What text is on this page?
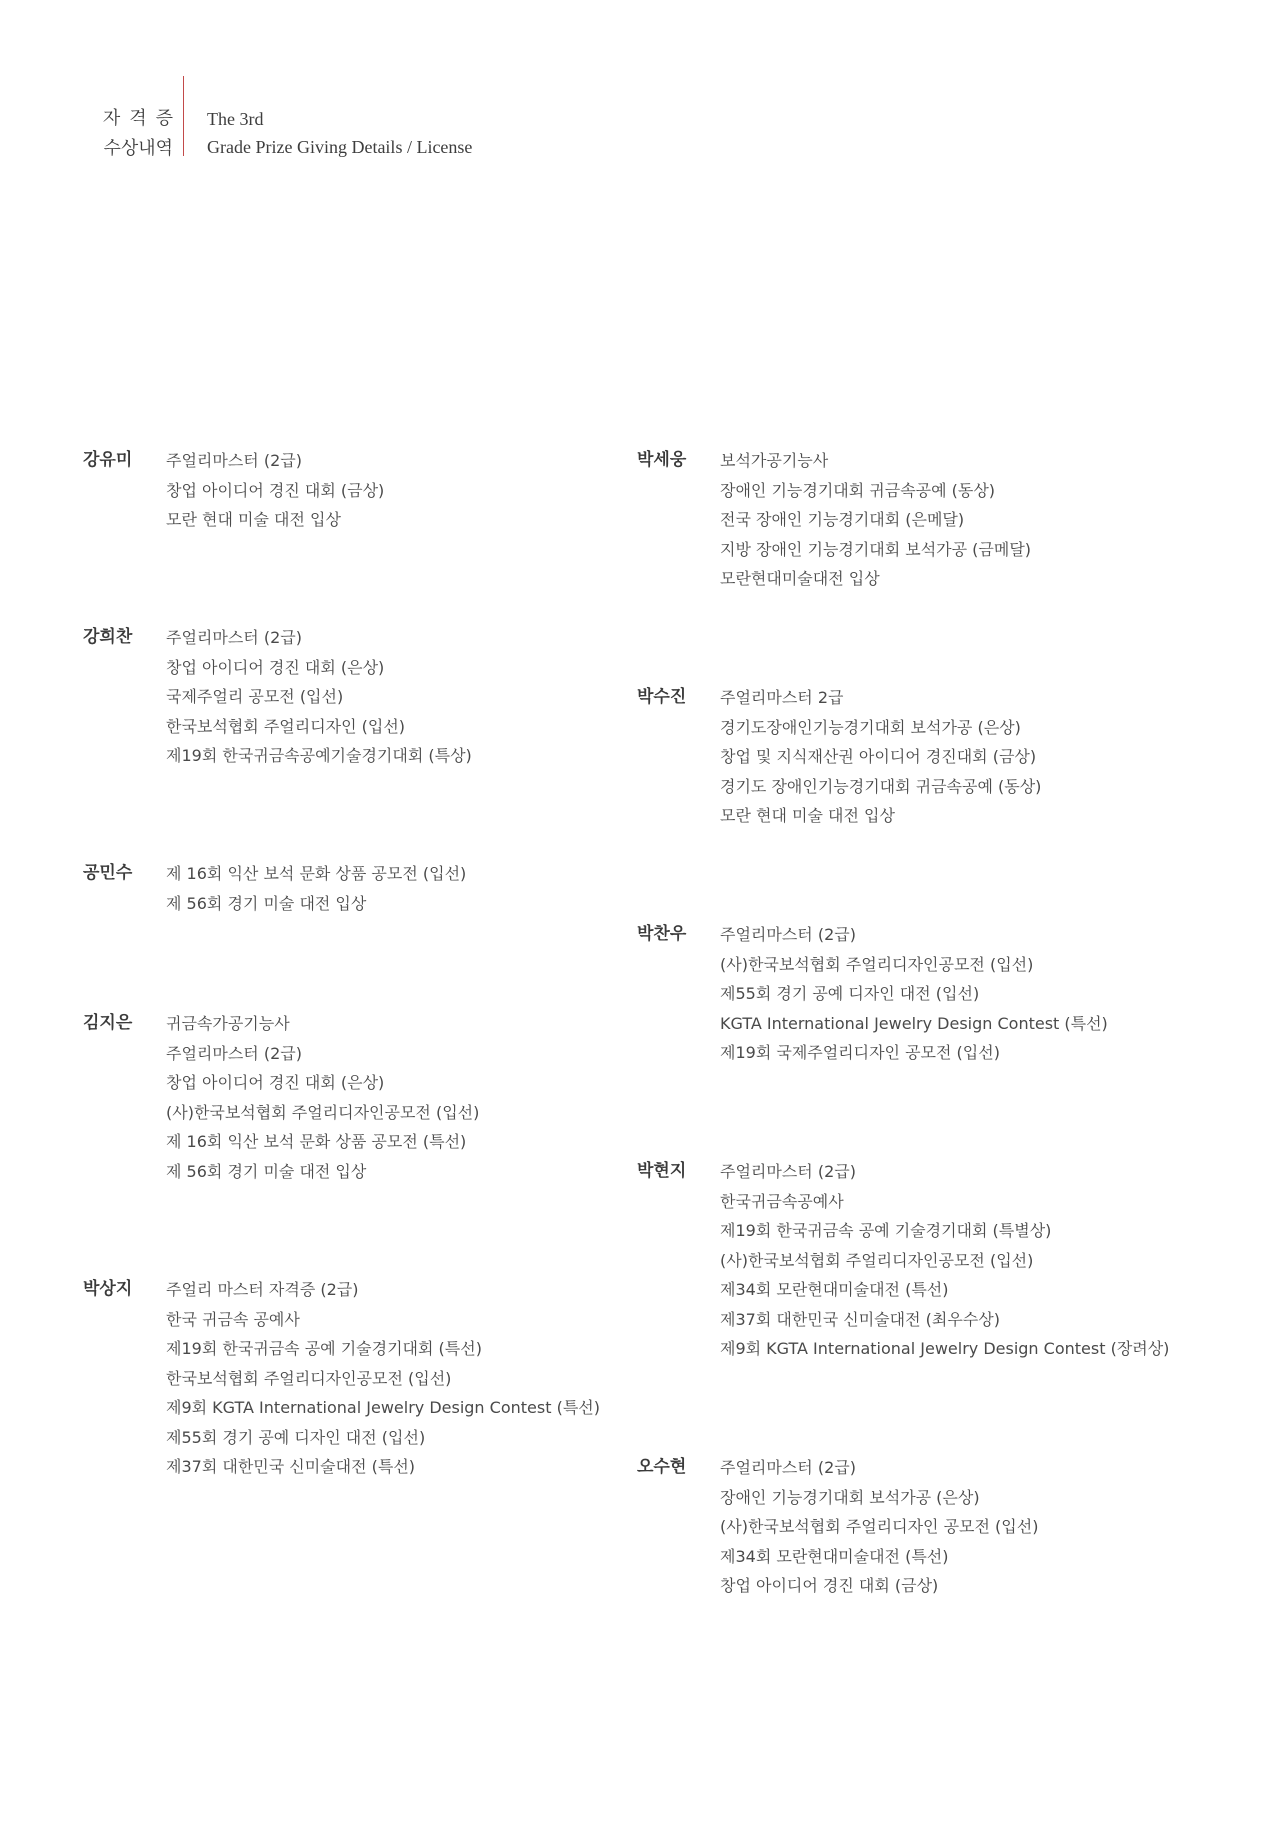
자격증
수상내역
The 3rd
Grade Prize Giving Details / License
강유미 주얼리마스터 (2급)
창업 아이디어 경진 대회 (금상)
모란 현대 미술 대전 입상
강희찬 주얼리마스터 (2급)
창업 아이디어 경진 대회 (은상)
국제주얼리 공모전 (입선)
한국보석협회 주얼리디자인 (입선)
제19회 한국귀금속공예기술경기대회 (특상)
공민수 제 16회 익산 보석 문화 상품 공모전 (입선)
제 56회 경기 미술 대전 입상
김지은 귀금속가공기능사
주얼리마스터 (2급)
창업 아이디어 경진 대회 (은상)
(사)한국보석협회 주얼리디자인공모전 (입선)
제 16회 익산 보석 문화 상품 공모전 (특선)
제 56회 경기 미술 대전 입상
박상지 주얼리 마스터 자격증 (2급)
한국 귀금속 공예사
제19회 한국귀금속 공예 기술경기대회 (특선)
한국보석협회 주얼리디자인공모전 (입선)
제9회 KGTA International Jewelry Design Contest (특선)
제55회 경기 공예 디자인 대전 (입선)
제37회 대한민국 신미술대전 (특선)
박세웅 보석가공기능사
장애인 기능경기대회 귀금속공예 (동상)
전국 장애인 기능경기대회 (은메달)
지방 장애인 기능경기대회 보석가공 (금메달)
모란현대미술대전 입상
박수진 주얼리마스터 2급
경기도장애인기능경기대회 보석가공 (은상)
창업 및 지식재산권 아이디어 경진대회 (금상)
경기도 장애인기능경기대회 귀금속공예 (동상)
모란 현대 미술 대전 입상
박찬우 주얼리마스터 (2급)
(사)한국보석협회 주얼리디자인공모전 (입선)
제55회 경기 공예 디자인 대전 (입선)
KGTA International Jewelry Design Contest (특선)
제19회 국제주얼리디자인 공모전 (입선)
박현지 주얼리마스터 (2급)
한국귀금속공예사
제19회 한국귀금속 공예 기술경기대회 (특별상)
(사)한국보석협회 주얼리디자인공모전 (입선)
제34회 모란현대미술대전 (특선)
제37회 대한민국 신미술대전 (최우수상)
제9회 KGTA International Jewelry Design Contest (장려상)
오수현 주얼리마스터 (2급)
장애인 기능경기대회 보석가공 (은상)
(사)한국보석협회 주얼리디자인 공모전 (입선)
제34회 모란현대미술대전 (특선)
창업 아이디어 경진 대회 (금상)
